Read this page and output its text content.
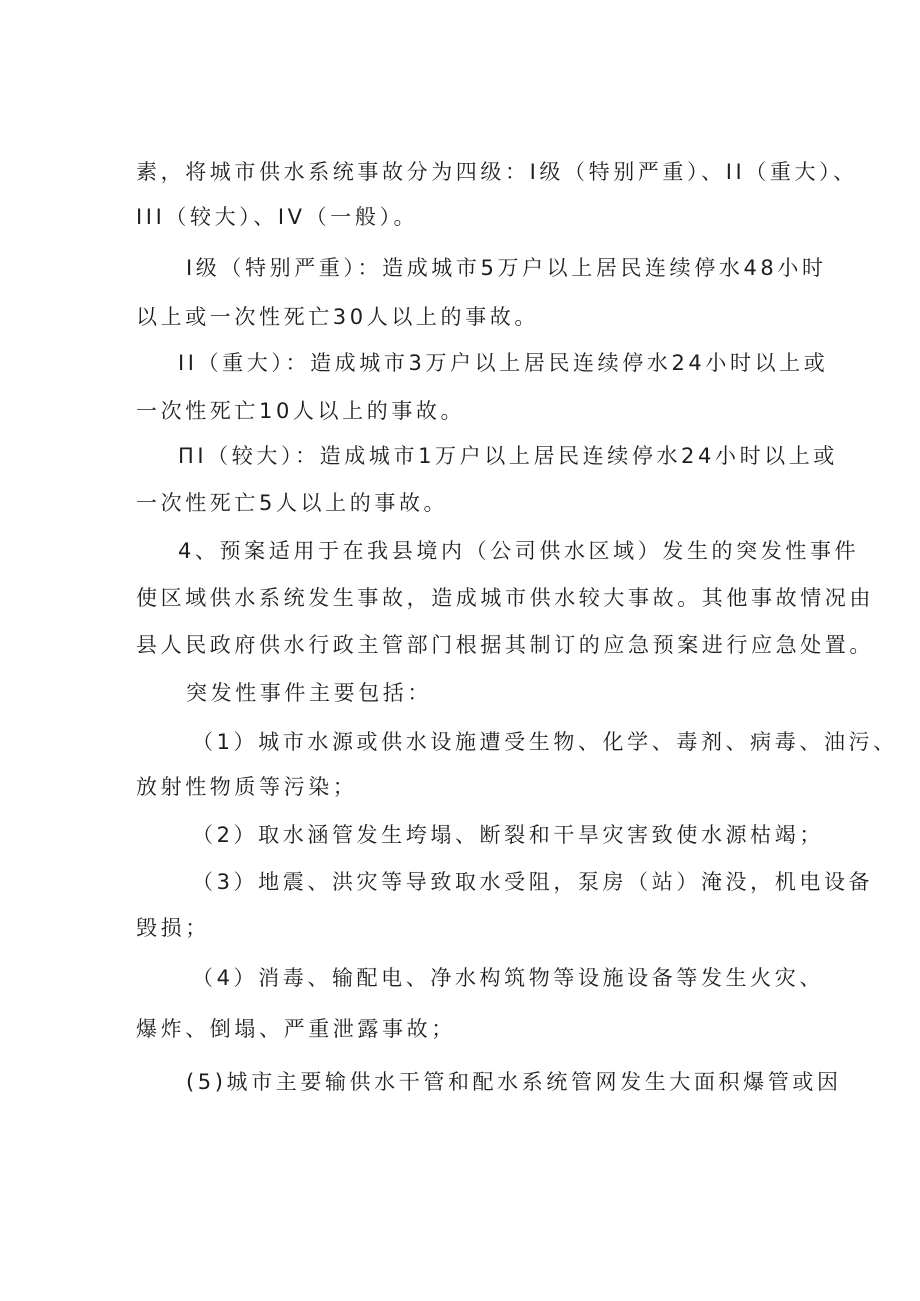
素，将城市供水系统事故分为四级：I级（特别严重）、II（重大）、
III（较大）、IV（一般）。
I级（特别严重）：造成城市5万户以上居民连续停水48小时
以上或一次性死亡30人以上的事故。
II（重大）：造成城市3万户以上居民连续停水24小时以上或
一次性死亡10人以上的事故。
ΠI（较大）：造成城市1万户以上居民连续停水24小时以上或
一次性死亡5人以上的事故。
4、预案适用于在我县境内（公司供水区域）发生的突发性事件
使区域供水系统发生事故，造成城市供水较大事故。其他事故情况由
县人民政府供水行政主管部门根据其制订的应急预案进行应急处置。
突发性事件主要包括：
（1）城市水源或供水设施遭受生物、化学、毒剂、病毒、油污、
放射性物质等污染；
（2）取水涵管发生垮塌、断裂和干旱灾害致使水源枯竭；
（3）地震、洪灾等导致取水受阻，泵房（站）淹没，机电设备
毁损；
（4）消毒、输配电、净水构筑物等设施设备等发生火灾、
爆炸、倒塌、严重泄露事故；
(5)城市主要输供水干管和配水系统管网发生大面积爆管或因
